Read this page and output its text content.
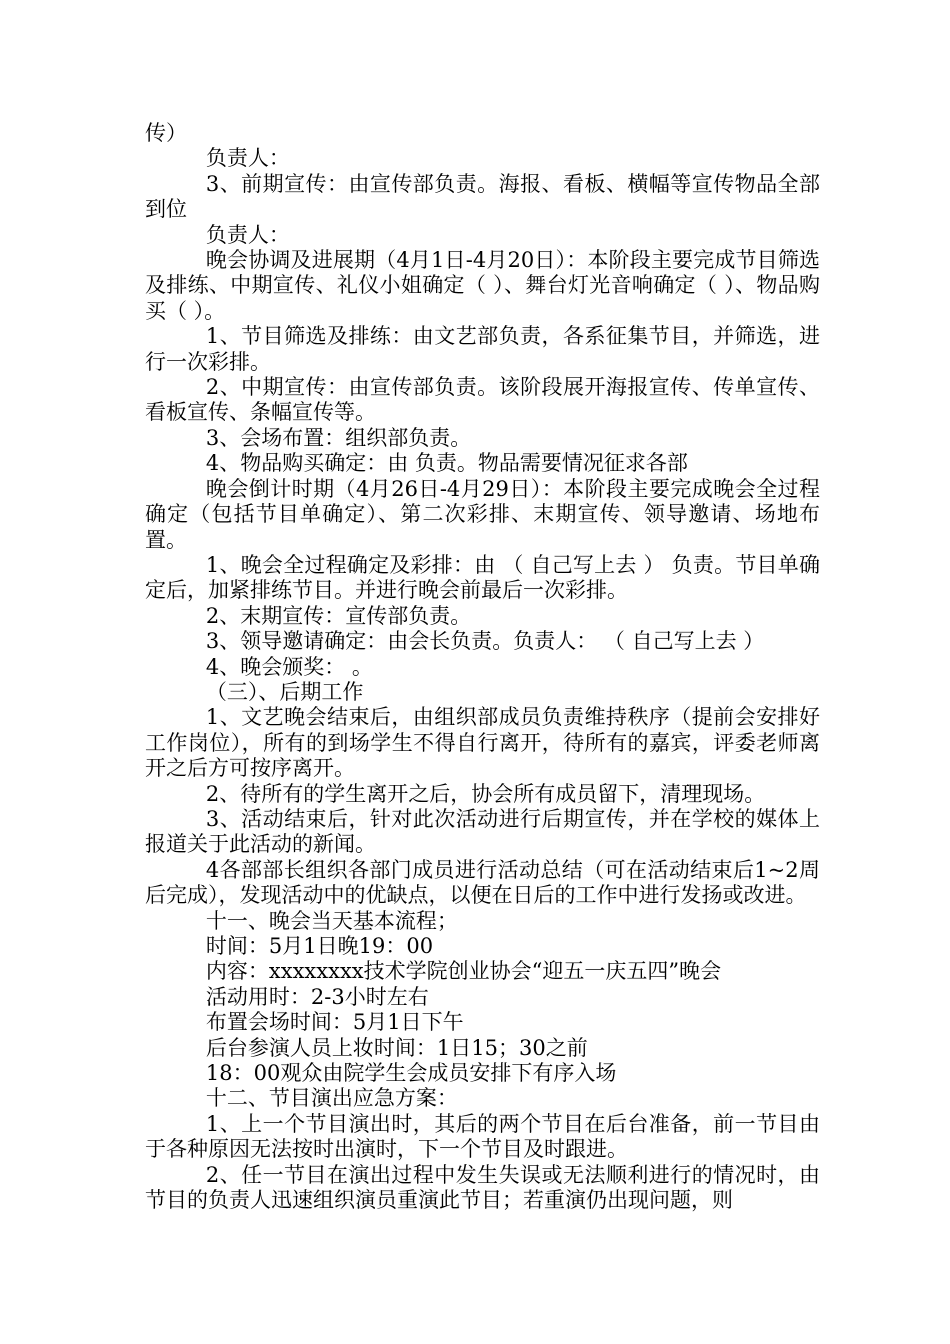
传）

负责人：

3、前期宣传：由宣传部负责。海报、看板、横幅等宣传物品全部到位

负责人：

晚会协调及进展期（4月1日-4月20日）：本阶段主要完成节目筛选及排练、中期宣传、礼仪小姐确定（ ）、舞台灯光音响确定（ ）、物品购买（ ）。

1、节目筛选及排练：由文艺部负责，各系征集节目，并筛选，进行一次彩排。

2、中期宣传：由宣传部负责。该阶段展开海报宣传、传单宣传、看板宣传、条幅宣传等。

3、会场布置：组织部负责。

4、物品购买确定：由 负责。物品需要情况征求各部

晚会倒计时期（4月26日-4月29日）：本阶段主要完成晚会全过程确定（包括节目单确定）、第二次彩排、末期宣传、领导邀请、场地布置。

1、晚会全过程确定及彩排：由 （ 自己写上去 ） 负责。节目单确定后，加紧排练节目。并进行晚会前最后一次彩排。

2、末期宣传：宣传部负责。

3、领导邀请确定：由会长负责。负责人： （ 自己写上去 ）

4、晚会颁奖： 。

（三）、后期工作

1、文艺晚会结束后，由组织部成员负责维持秩序（提前会安排好工作岗位），所有的到场学生不得自行离开，待所有的嘉宾，评委老师离开之后方可按序离开。

2、待所有的学生离开之后，协会所有成员留下，清理现场。

3、活动结束后，针对此次活动进行后期宣传，并在学校的媒体上报道关于此活动的新闻。

4各部部长组织各部门成员进行活动总结（可在活动结束后1~2周后完成），发现活动中的优缺点，以便在日后的工作中进行发扬或改进。

十一、晚会当天基本流程；

时间：5月1日晚19：00

内容：xxxxxxxx技术学院创业协会“迎五一庆五四”晚会

活动用时：2-3小时左右

布置会场时间：5月1日下午

后台参演人员上妆时间：1日15；30之前

18：00观众由院学生会成员安排下有序入场

十二、节目演出应急方案：

1、上一个节目演出时，其后的两个节目在后台准备，前一节目由于各种原因无法按时出演时，下一个节目及时跟进。

2、任一节目在演出过程中发生失误或无法顺利进行的情况时，由节目的负责人迅速组织演员重演此节目；若重演仍出现问题，则
